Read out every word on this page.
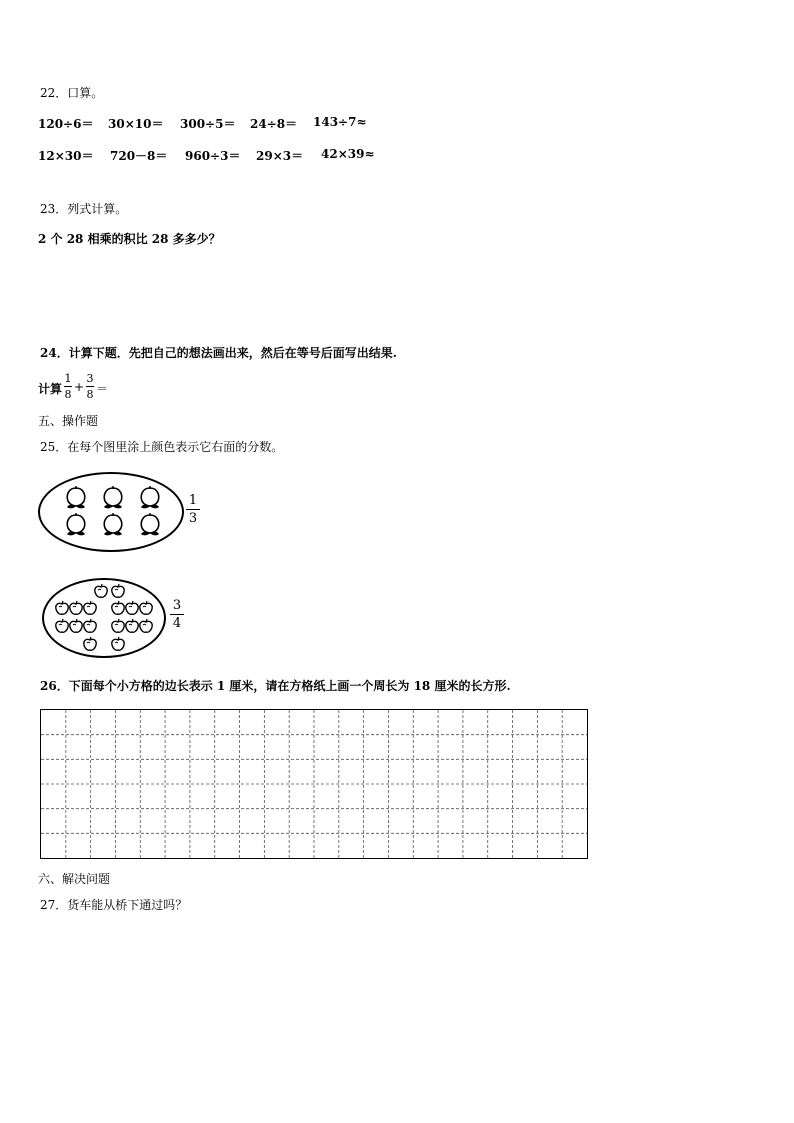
22．口算。
120÷6＝ 30×10＝ 300÷5＝ 24÷8＝ 143÷7≈
12×30＝ 720－8＝ 960÷3＝ 29×3＝ 42×39≈
23．列式计算。
2 个 28 相乘的积比 28 多多少？
24．计算下题．先把自己的想法画出来，然后在等号后面写出结果.
计算
1
8
+
3
8 ＝
五、操作题
25．在每个图里涂上颜色表示它右面的分数。
1
3
3
4
26．下面每个小方格的边长表示 1 厘米，请在方格纸上画一个周长为 18 厘米的长方形.
六、解决问题
27．货车能从桥下通过吗？
